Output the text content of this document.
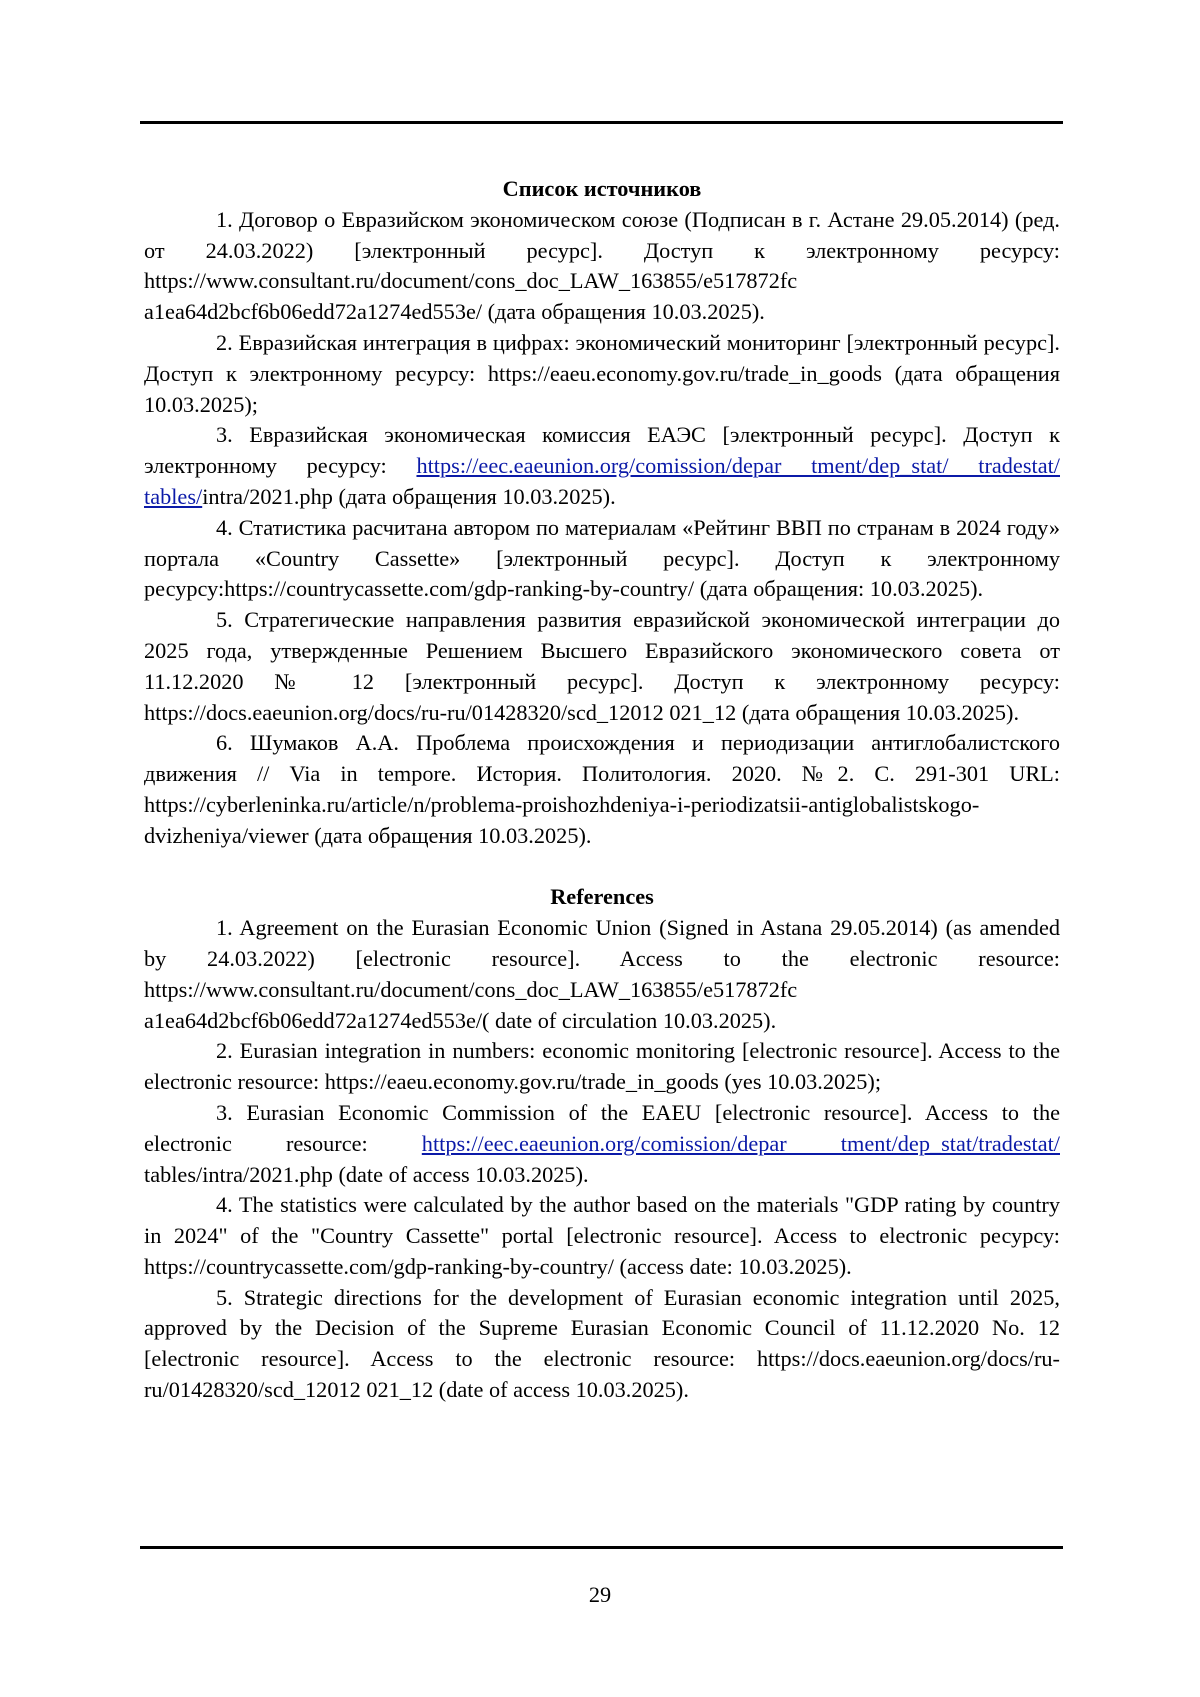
Список источников

1. Договор о Евразийском экономическом союзе (Подписан в г. Астане 29.05.2014) (ред. от 24.03.2022) [электронный ресурс]. Доступ к электронному ресурсу: https://www.consultant.ru/document/cons_doc_LAW_163855/e517872fc a1ea64d2bcf6b06edd72a1274ed553e/ (дата обращения 10.03.2025).

2. Евразийская интеграция в цифрах: экономический мониторинг [электронный ресурс]. Доступ к электронному ресурсу: https://eaeu.economy.gov.ru/trade_in_goods (дата обращения 10.03.2025);

3. Евразийская экономическая комиссия ЕАЭС [электронный ресурс]. Доступ к электронному ресурсу: https://eec.eaeunion.org/comission/depar tment/dep_stat/ tradestat/ tables/intra/2021.php (дата обращения 10.03.2025).

4. Статистика расчитана автором по материалам «Рейтинг ВВП по странам в 2024 году» портала «Country Cassette» [электронный ресурс]. Доступ к электронному ресурсу:https://countrycassette.com/gdp-ranking-by-country/ (дата обращения: 10.03.2025).

5. Стратегические направления развития евразийской экономической интеграции до 2025 года, утвержденные Решением Высшего Евразийского экономического совета от 11.12.2020 № 12 [электронный ресурс]. Доступ к электронному ресурсу: https://docs.eaeunion.org/docs/ru-ru/01428320/scd_12012 021_12 (дата обращения 10.03.2025).

6. Шумаков А.А. Проблема происхождения и периодизации антиглобалистского движения // Via in tempore. История. Политология. 2020. №2. С. 291-301 URL: https://cyberleninka.ru/article/n/problema-proishozhdeniya-i-periodizatsii-antiglobalistskogo-dvizheniya/viewer (дата обращения 10.03.2025).

References

1. Agreement on the Eurasian Economic Union (Signed in Astana 29.05.2014) (as amended by 24.03.2022) [electronic resource]. Access to the electronic resource: https://www.consultant.ru/document/cons_doc_LAW_163855/e517872fc a1ea64d2bcf6b06edd72a1274ed553e/( date of circulation 10.03.2025).

2. Eurasian integration in numbers: economic monitoring [electronic resource]. Access to the electronic resource: https://eaeu.economy.gov.ru/trade_in_goods (yes 10.03.2025);

3. Eurasian Economic Commission of the EAEU [electronic resource]. Access to the electronic resource: https://eec.eaeunion.org/comission/depar tment/dep_stat/tradestat/ tables/intra/2021.php (date of access 10.03.2025).

4. The statistics were calculated by the author based on the materials "GDP rating by country in 2024" of the "Country Cassette" portal [electronic resource]. Access to electronic ресурсу: https://countrycassette.com/gdp-ranking-by-country/ (access date: 10.03.2025).

5. Strategic directions for the development of Eurasian economic integration until 2025, approved by the Decision of the Supreme Eurasian Economic Council of 11.12.2020 No. 12 [electronic resource]. Access to the electronic resource: https://docs.eaeunion.org/docs/ru-ru/01428320/scd_12012 021_12 (date of access 10.03.2025).

29
